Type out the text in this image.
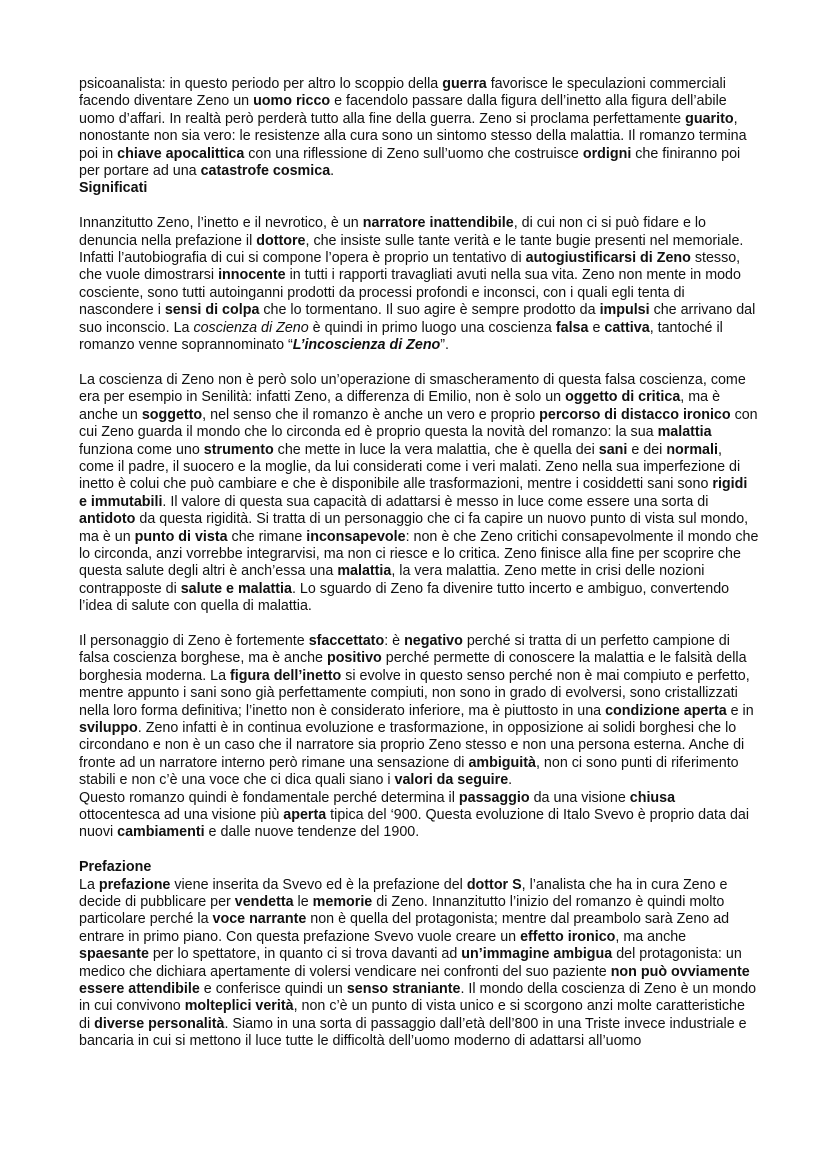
psicoanalista: in questo periodo per altro lo scoppio della guerra favorisce le speculazioni commerciali facendo diventare Zeno un uomo ricco e facendolo passare dalla figura dell’inetto alla figura dell’abile uomo d’affari. In realtà però perderà tutto alla fine della guerra. Zeno si proclama perfettamente guarito, nonostante non sia vero: le resistenze alla cura sono un sintomo stesso della malattia. Il romanzo termina poi in chiave apocalittica con una riflessione di Zeno sull’uomo che costruisce ordigni che finiranno poi per portare ad una catastrofe cosmica.

Significati

Innanzitutto Zeno, l’inetto e il nevrotico, è un narratore inattendibile, di cui non ci si può fidare e lo denuncia nella prefazione il dottore, che insiste sulle tante verità e le tante bugie presenti nel memoriale. Infatti l’autobiografia di cui si compone l’opera è proprio un tentativo di autogiustificarsi di Zeno stesso, che vuole dimostrarsi innocente in tutti i rapporti travagliati avuti nella sua vita. Zeno non mente in modo cosciente, sono tutti autoinganni prodotti da processi profondi e inconsci, con i quali egli tenta di nascondere i sensi di colpa che lo tormentano. Il suo agire è sempre prodotto da impulsi che arrivano dal suo inconscio. La coscienza di Zeno è quindi in primo luogo una coscienza falsa e cattiva, tantoché il romanzo venne soprannominato “L’incoscienza di Zeno”.

La coscienza di Zeno non è però solo un’operazione di smascheramento di questa falsa coscienza, come era per esempio in Senilità: infatti Zeno, a differenza di Emilio, non è solo un oggetto di critica, ma è anche un soggetto, nel senso che il romanzo è anche un vero e proprio percorso di distacco ironico con cui Zeno guarda il mondo che lo circonda ed è proprio questa la novità del romanzo: la sua malattia funziona come uno strumento che mette in luce la vera malattia, che è quella dei sani e dei normali, come il padre, il suocero e la moglie, da lui considerati come i veri malati. Zeno nella sua imperfezione di inetto è colui che può cambiare e che è disponibile alle trasformazioni, mentre i cosiddetti sani sono rigidi e immutabili. Il valore di questa sua capacità di adattarsi è messo in luce come essere una sorta di antidoto da questa rigidità. Si tratta di un personaggio che ci fa capire un nuovo punto di vista sul mondo, ma è un punto di vista che rimane inconsapevole: non è che Zeno critichi consapevolmente il mondo che lo circonda, anzi vorrebbe integrarvisi, ma non ci riesce e lo critica. Zeno finisce alla fine per scoprire che questa salute degli altri è anch’essa una malattia, la vera malattia. Zeno mette in crisi delle nozioni contrapposte di salute e malattia. Lo sguardo di Zeno fa divenire tutto incerto e ambiguo, convertendo l’idea di salute con quella di malattia.

Il personaggio di Zeno è fortemente sfaccettato: è negativo perché si tratta di un perfetto campione di falsa coscienza borghese, ma è anche positivo perché permette di conoscere la malattia e le falsità della borghesia moderna. La figura dell’inetto si evolve in questo senso perché non è mai compiuto e perfetto, mentre appunto i sani sono già perfettamente compiuti, non sono in grado di evolversi, sono cristallizzati nella loro forma definitiva; l’inetto non è considerato inferiore, ma è piuttosto in una condizione aperta e in sviluppo. Zeno infatti è in continua evoluzione e trasformazione, in opposizione ai solidi borghesi che lo circondano e non è un caso che il narratore sia proprio Zeno stesso e non una persona esterna. Anche di fronte ad un narratore interno però rimane una sensazione di ambiguità, non ci sono punti di riferimento stabili e non c’è una voce che ci dica quali siano i valori da seguire.

Questo romanzo quindi è fondamentale perché determina il passaggio da una visione chiusa ottocentesca ad una visione più aperta tipica del ‘900. Questa evoluzione di Italo Svevo è proprio data dai nuovi cambiamenti e dalle nuove tendenze del 1900.

Prefazione

La prefazione viene inserita da Svevo ed è la prefazione del dottor S, l’analista che ha in cura Zeno e decide di pubblicare per vendetta le memorie di Zeno. Innanzitutto l’inizio del romanzo è quindi molto particolare perché la voce narrante non è quella del protagonista; mentre dal preambolo sarà Zeno ad entrare in primo piano. Con questa prefazione Svevo vuole creare un effetto ironico, ma anche spaesante per lo spettatore, in quanto ci si trova davanti ad un’immagine ambigua del protagonista: un medico che dichiara apertamente di volersi vendicare nei confronti del suo paziente non può ovviamente essere attendibile e conferisce quindi un senso straniante. Il mondo della coscienza di Zeno è un mondo in cui convivono molteplici verità, non c’è un punto di vista unico e si scorgono anzi molte caratteristiche di diverse personalità. Siamo in una sorta di passaggio dall’età dell’800 in una Triste invece industriale e bancaria in cui si mettono il luce tutte le difficoltà dell’uomo moderno di adattarsi all’uomo
